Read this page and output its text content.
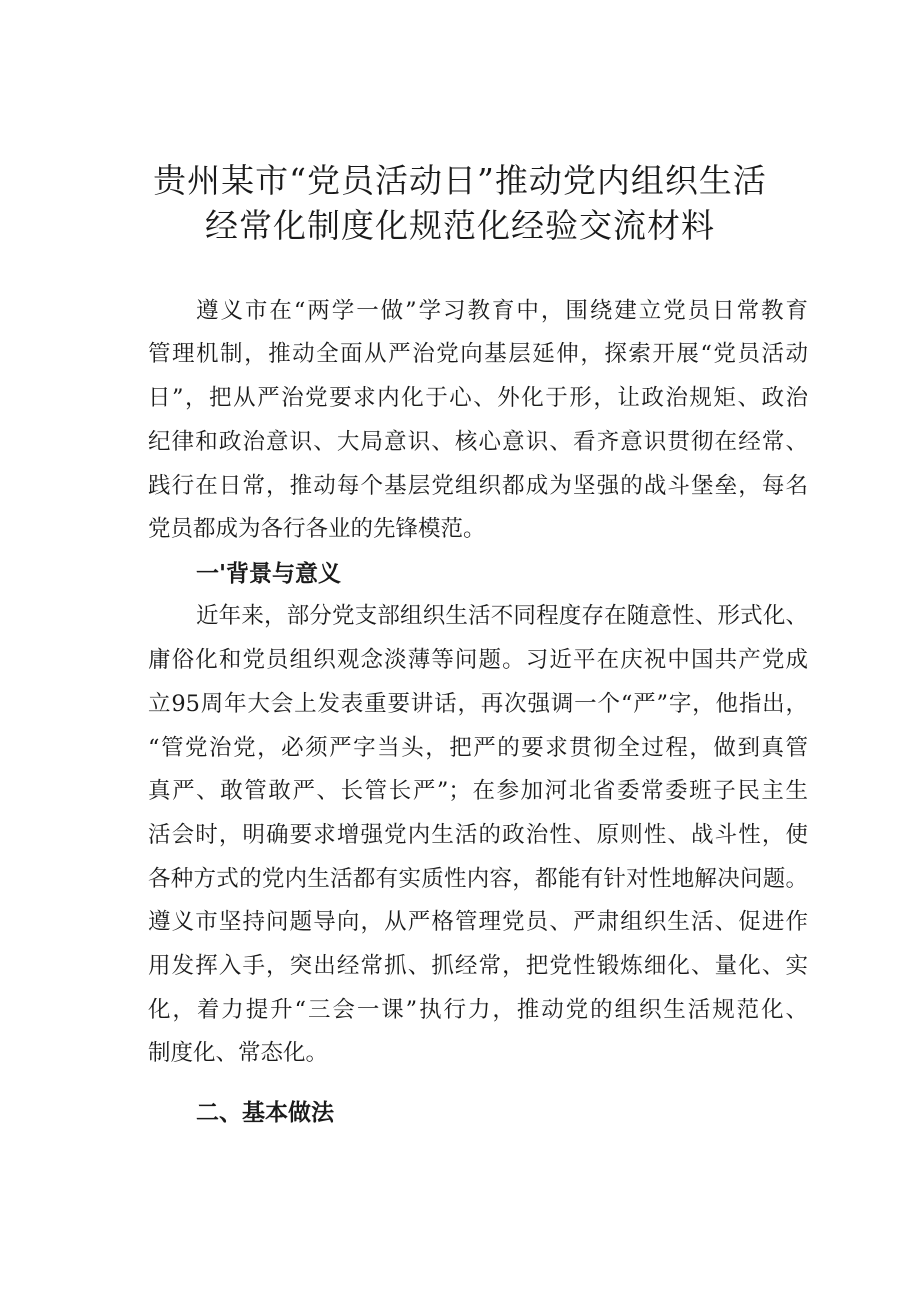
贵州某市“党员活动日”推动党内组织生活
经常化制度化规范化经验交流材料
遵义市在“两学一做”学习教育中，围绕建立党员日常教育
管理机制，推动全面从严治党向基层延伸，探索开展“党员活动
日”，把从严治党要求内化于心、外化于形，让政治规矩、政治
纪律和政治意识、大局意识、核心意识、看齐意识贯彻在经常、
践行在日常，推动每个基层党组织都成为坚强的战斗堡垒，每名
党员都成为各行各业的先锋模范。
一'背景与意义
近年来，部分党支部组织生活不同程度存在随意性、形式化、
庸俗化和党员组织观念淡薄等问题。习近平在庆祝中国共产党成
立95周年大会上发表重要讲话，再次强调一个“严”字，他指出，
“管党治党，必须严字当头，把严的要求贯彻全过程，做到真管
真严、敢管敢严、长管长严”；在参加河北省委常委班子民主生
活会时，明确要求增强党内生活的政治性、原则性、战斗性，使
各种方式的党内生活都有实质性内容，都能有针对性地解决问题。
遵义市坚持问题导向，从严格管理党员、严肃组织生活、促进作
用发挥入手，突出经常抓、抓经常，把党性锻炼细化、量化、实
化，着力提升“三会一课”执行力，推动党的组织生活规范化、
制度化、常态化。
二、基本做法
